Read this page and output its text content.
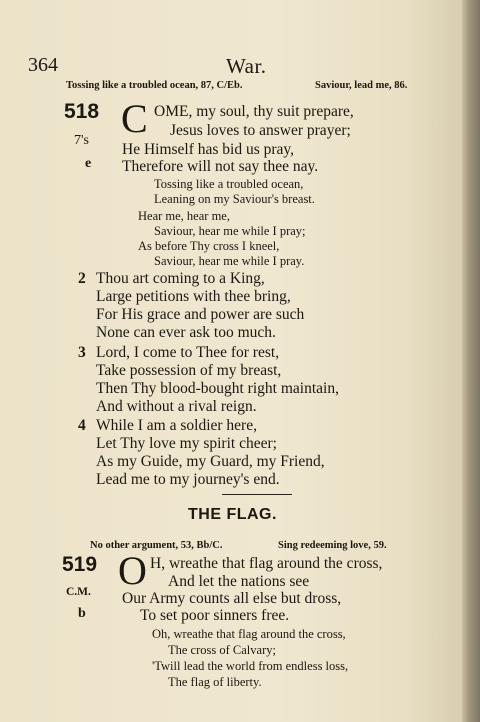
364	War.
Tossing like a troubled ocean, 87, C/Eb.	Saviour, lead me, 86.
518
7's
e
C OME, my soul, thy suit prepare,
Jesus loves to answer prayer;
He Himself has bid us pray,
Therefore will not say thee nay.
Tossing like a troubled ocean,
Leaning on my Saviour's breast.
Hear me, hear me,
Saviour, hear me while I pray;
As before Thy cross I kneel,
Saviour, hear me while I pray.
2 Thou art coming to a King,
Large petitions with thee bring,
For His grace and power are such
None can ever ask too much.
3 Lord, I come to Thee for rest,
Take possession of my breast,
Then Thy blood-bought right maintain,
And without a rival reign.
4 While I am a soldier here,
Let Thy love my spirit cheer;
As my Guide, my Guard, my Friend,
Lead me to my journey's end.
THE FLAG.
No other argument, 53, Bb/C.	Sing redeeming love, 59.
519
C.M.
b
O H, wreathe that flag around the cross,
And let the nations see
Our Army counts all else but dross,
To set poor sinners free.
Oh, wreathe that flag around the cross,
The cross of Calvary;
'Twill lead the world from endless loss,
The flag of liberty.
